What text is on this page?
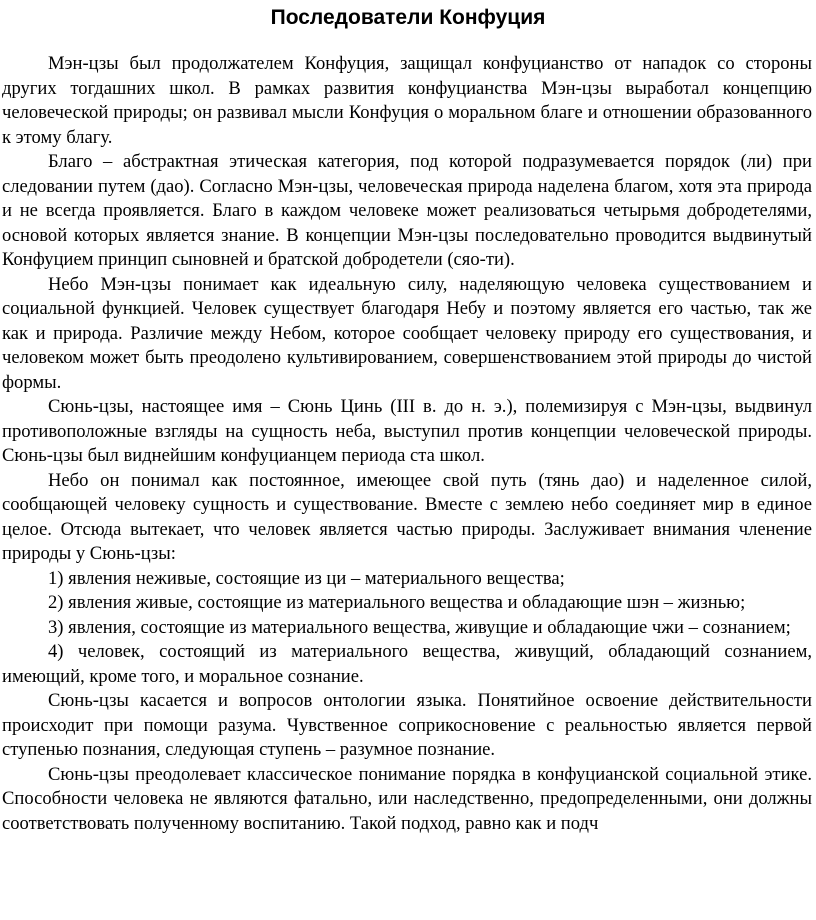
Последователи Конфуция

Мэн-цзы был продолжателем Конфуция, защищал конфуцианство от нападок со стороны других тогдашних школ. В рамках развития конфуцианства Мэн-цзы выработал концепцию человеческой природы; он развивал мысли Конфуция о моральном благе и отношении образованного к этому благу.

Благо – абстрактная этическая категория, под которой подразумевается порядок (ли) при следовании путем (дао). Согласно Мэн-цзы, человеческая природа наделена благом, хотя эта природа и не всегда проявляется. Благо в каждом человеке может реализоваться четырьмя добродетелями, основой которых является знание. В концепции Мэн-цзы последовательно проводится выдвинутый Конфуцием принцип сыновней и братской добродетели (сяо-ти).

Небо Мэн-цзы понимает как идеальную силу, наделяющую человека существованием и социальной функцией. Человек существует благодаря Небу и поэтому является его частью, так же как и природа. Различие между Небом, которое сообщает человеку природу его существования, и человеком может быть преодолено культивированием, совершенствованием этой природы до чистой формы.

Сюнь-цзы, настоящее имя – Сюнь Цинь (III в. до н. э.), полемизируя с Мэн-цзы, выдвинул противоположные взгляды на сущность неба, выступил против концепции человеческой природы. Сюнь-цзы был виднейшим конфуцианцем периода ста школ.

Небо он понимал как постоянное, имеющее свой путь (тянь дао) и наделенное силой, сообщающей человеку сущность и существование. Вместе с землею небо соединяет мир в единое целое. Отсюда вытекает, что человек является частью природы. Заслуживает внимания членение природы у Сюнь-цзы:

1) явления неживые, состоящие из ци – материального вещества;

2) явления живые, состоящие из материального вещества и обладающие шэн – жизнью;

3) явления, состоящие из материального вещества, живущие и обладающие чжи – сознанием;

4) человек, состоящий из материального вещества, живущий, обладающий сознанием, имеющий, кроме того, и моральное сознание.

Сюнь-цзы касается и вопросов онтологии языка. Понятийное освоение действительности происходит при помощи разума. Чувственное соприкосновение с реальностью является первой ступенью познания, следующая ступень – разумное познание.

Сюнь-цзы преодолевает классическое понимание порядка в конфуцианской социальной этике. Способности человека не являются фатально, или наследственно, предопределенными, они должны соответствовать полученному воспитанию. Такой подход, равно как и подч
